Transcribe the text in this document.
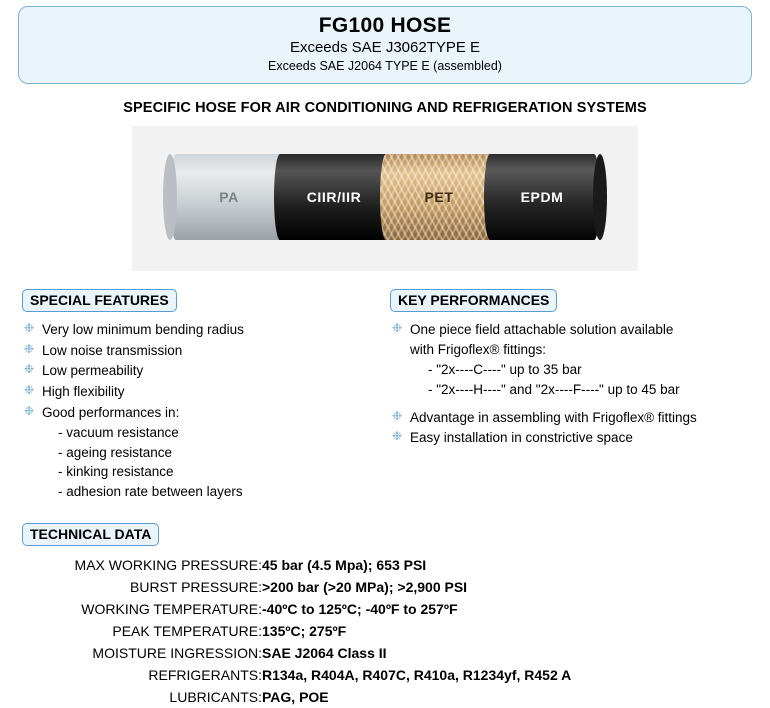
FG100 HOSE
Exceeds SAE J3062TYPE E
Exceeds SAE J2064 TYPE E (assembled)
SPECIFIC HOSE FOR AIR CONDITIONING AND REFRIGERATION SYSTEMS
PA	CIIR/IIR	PET	EPDM
SPECIAL FEATURES
❉ Very low minimum bending radius
❉ Low noise transmission
❉ Low permeability
❉ High flexibility
❉ Good performances in:
- vacuum resistance
- ageing resistance
- kinking resistance
- adhesion rate between layers
KEY PERFORMANCES
❉ One piece field attachable solution available
with Frigoflex® fittings:
- "2x----C----" up to 35 bar
- "2x----H----" and "2x----F----" up to 45 bar
❉ Advantage in assembling with Frigoflex® fittings
❉ Easy installation in constrictive space
TECHNICAL DATA
MAX WORKING PRESSURE:	45 bar (4.5 Mpa); 653 PSI
BURST PRESSURE:	>200 bar (>20 MPa); >2,900 PSI
WORKING TEMPERATURE:	-40ºC to 125ºC; -40ºF to 257ºF
PEAK TEMPERATURE:	135ºC; 275ºF
MOISTURE INGRESSION:	SAE J2064 Class II
REFRIGERANTS:	R134a, R404A, R407C, R410a, R1234yf, R452 A
LUBRICANTS:	PAG, POE
